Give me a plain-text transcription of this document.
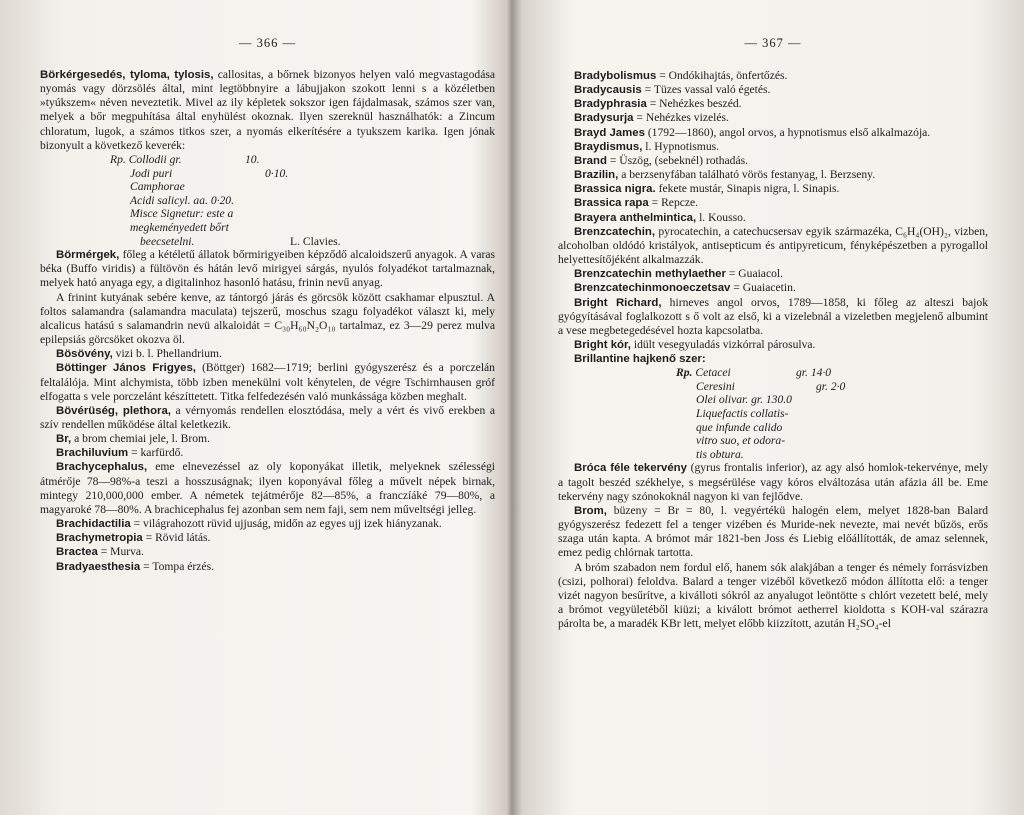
— 366 —

Börkérgesedés, tyloma, tylosis, callositas, a bőrnek bizonyos helyen való megvastagodása nyomás vagy dörzsölés által, mint legtöbbnyire a lábujjakon szokott lenni s a közéletben »tyúkszem« néven neveztetik. Mivel az ily képletek sokszor igen fájdalmasak, számos szer van, melyek a bőr megpuhítása által enyhülést okoznak. Ilyen szereknül használhatók: a Zincum chloratum, lugok, a számos titkos szer, a nyomás elkerítésére a tyukszem karika. Igen jónak bizonyult a következő keverék:

Rp. Collodii gr.	10.
Jodi puri	0·10.
Camphorae
Acidi salicyl. aa. 0·20.
Misce Signetur: este a
megkeményedett bőrt
beecsetelni.	L. Clavies.

Börmérgek, főleg a kétéletű állatok bőrmirigyeiben képződő alcaloidszerű anyagok. A varas béka (Buffo viridis) a fültövön és hátán levő mirigyei sárgás, nyulós folyadékot tartalmaznak, melyek ható anyaga egy, a digitalinhoz hasonló hatásu, frinin nevű anyag.

A frinint kutyának sebére kenve, az tántorgó járás és görcsök között csakhamar elpusztul. A foltos salamandra (salamandra maculata) tejszerű, moschus szagu folyadékot választ ki, mely alcalicus hatású s salamandrin nevü alkaloidát = C₃₀H₆₀N₂O₁₀ tartalmaz, ez 3—29 perez mulva epilepsiás görcsöket okozva öl.

Bösövény, vizi b. l. Phellandrium.

Böttinger János Frigyes, (Böttger) 1682—1719; berlini gyógyszerész és a porczelán feltalálója. Mint alchymista, több izben menekülni volt kénytelen, de végre Tschirnhausen gróf elfogatta s vele porczelánt készíttetett. Titka felfedezésén való munkássága közben meghalt.

Bövérüség, plethora, a vérnyomás rendellen elosztódása, mely a vért és vivő erekben a szív rendellen működése által keletkezik.

Br, a brom chemiai jele, l. Brom.

Brachiluvium = karfürdő.

Brachycephalus, eme elnevezéssel az oly koponyákat illetik, melyeknek szélességi átmérője 78—98%-a teszi a hosszuságnak; ilyen koponyával főleg a művelt népek birnak, mintegy 210,000,000 ember. A németek tejátmérője 82—85%, a franczíáké 79—80%, a magyaroké 78—80%. A brachicephalus fej azonban sem nem faji, sem nem műveltségi jelleg.

Brachidactilia = világrahozott rüvid ujjuság, midőn az egyes ujj izek hiányzanak.

Brachymetropia = Rövid látás.

Bractea = Murva.

Bradyaesthesia = Tompa érzés.

— 367 —

Bradybolismus = Ondókihajtás, önfertőzés.

Bradycausis = Tüzes vassal való égetés.

Bradyphrasia = Nehézkes beszéd.

Bradysurja = Nehézkes vizelés.

Brayd James (1792—1860), angol orvos, a hypnotismus első alkalmazója.

Braydismus, l. Hypnotismus.

Brand = Üszög, (sebeknél) rothadás.

Brazilin, a berzsenyfában található vörös festanyag, l. Berzseny.

Brassica nigra. fekete mustár, Sinapis nigra, l. Sinapis.

Brassica rapa = Repcze.

Brayera anthelmintica, l. Kousso.

Brenzcatechin, pyrocatechin, a catechucsersav egyik származéka, C₆H₄(OH)₂, vizben, alcoholban oldódó kristályok, antisepticum és antipyreticum, fényképészetben a pyrogallol helyettesítőjéként alkalmazzák.

Brenzcatechin methylaether = Guaiacol.

Brenzcatechinmonoeczetsav = Guaiacetin.

Bright Richard, hirneves angol orvos, 1789—1858, ki főleg az alteszi bajok gyógyításával foglalkozott s ő volt az első, ki a vizelebnál a vizeletben megjelenő albumint a vese megbetegedésével hozta kapcsolatba.

Bright kór, idült vesegyuladás vizkórral párosulva.

Brillantine hajkenő szer:

Rp. Cetacei	gr. 14·0
Ceresini	gr. 2·0
Olei olivar. gr. 130.0
Liquefactis collatis-
que infunde calido
vitro suo, et odora-
tis obtura.

Bróca féle tekervény (gyrus frontalis inferior), az agy alsó homlok-tekervénye, mely a tagolt beszéd székhelye, s megsérülése vagy kóros elváltozása után afázia áll be. Eme tekervény nagy szónokoknál nagyon ki van fejlődve.

Brom, büzeny = Br = 80, l. vegyértékü halogén elem, melyet 1828-ban Balard gyógyszerész fedezett fel a tenger vizében és Muride-nek nevezte, mai nevét bűzös, erős szaga után kapta. A brómot már 1821-ben Joss és Liebig előállították, de amaz selennek, emez pedig chlórnak tartotta.

A bróm szabadon nem fordul elő, hanem sók alakjában a tenger és némely forrásvizben (csizi, polhorai) feloldva. Balard a tenger vizéből következő módon állította elő: a tenger vizét nagyon besűrítve, a kiválloti sókról az anyalugot leöntötte s chlórt vezetett belé, mely a brómot vegyületéből kiüzi; a kiválott brómot aetherrel kioldotta s KOH-val szárazra párolta be, a maradék KBr lett, melyet előbb kiizzított, azután H₂SO₄-el
